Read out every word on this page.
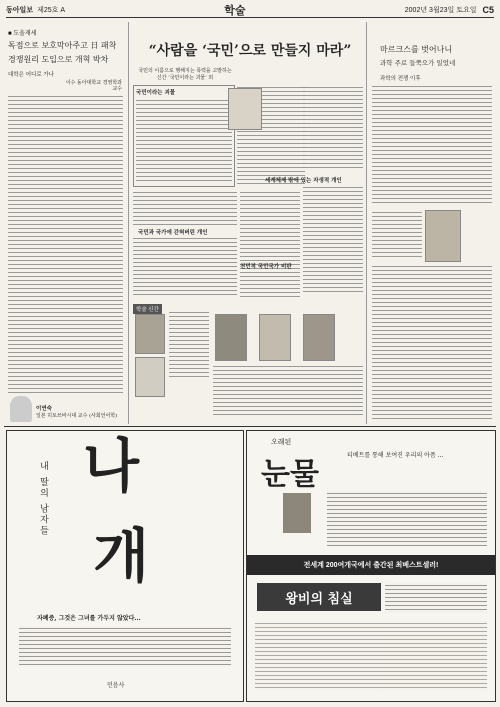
동아일보 제25호 A	학술	2002년 3월23일 토요일 C5
■ 도올재세
독점으로 보호막아주고 日 패착
경쟁원리 도입으로 개혁 박차
대학은 어디로 가나
이수 동아대학교 경영학과 교수
“사람을 ‘국민’으로 만들지 마라”
국민의 이름으로 행해지는 폭력을 고발하는
신간 ‘국민이라는 괴물’ 외
국민이라는 괴물
국민과 국가에 갇혀버린 개인
세계체제 밖에 있는 자생적 개인
천민적 국민국가 비판
마르크스를 벗어나니
과학 주로 들쭉으가 일었네
과학의 전쟁 이후
학술 신간
이연숙
일본 히토쓰바시대 교수 (사회언어학)
나
개
내 딸의 남자들
자폐증, 그것은 그녀를 가두지 않았다...
민음사
오래된
눈물
티베트를 통해 보여진 우리의 아픔 ...
전세계 200여개국에서 출간된 최베스트셀러!
왕비의 침실
